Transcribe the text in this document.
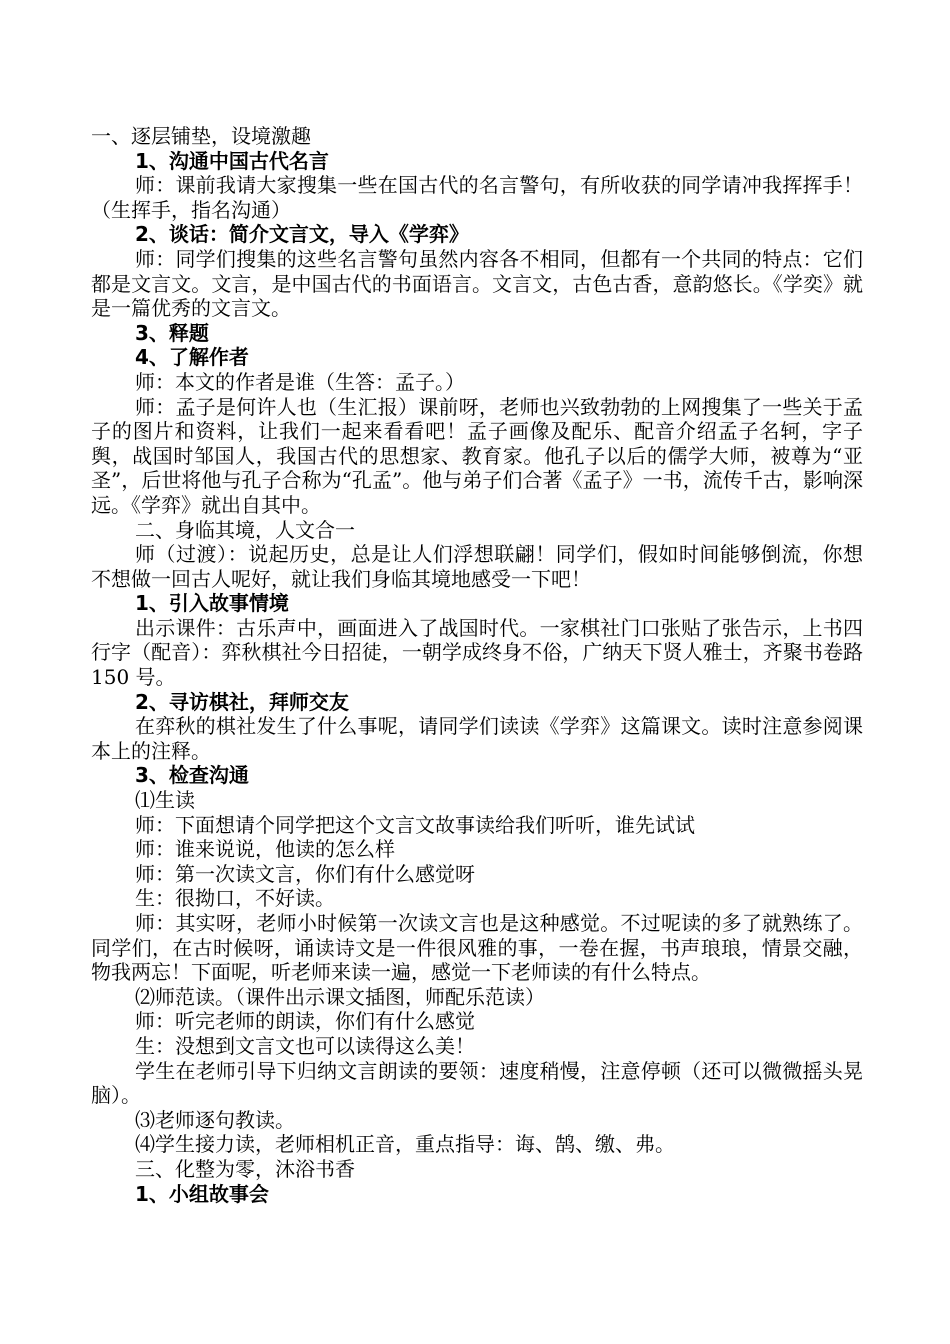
一、逐层铺垫，设境激趣

1、沟通中国古代名言

师：课前我请大家搜集一些在国古代的名言警句，有所收获的同学请冲我挥挥手！（生挥手，指名沟通）

2、谈话：简介文言文，导入《学弈》

师：同学们搜集的这些名言警句虽然内容各不相同，但都有一个共同的特点：它们都是文言文。文言，是中国古代的书面语言。文言文，古色古香，意韵悠长。《学奕》就是一篇优秀的文言文。

3、释题

4、了解作者

师：本文的作者是谁（生答：孟子。）

师：孟子是何许人也（生汇报）课前呀，老师也兴致勃勃的上网搜集了一些关于孟子的图片和资料，让我们一起来看看吧！孟子画像及配乐、配音介绍孟子名轲，字子舆，战国时邹国人，我国古代的思想家、教育家。他孔子以后的儒学大师，被尊为“亚圣”，后世将他与孔子合称为“孔孟”。他与弟子们合著《孟子》一书，流传千古，影响深远。《学弈》就出自其中。

二、身临其境，人文合一

师（过渡）：说起历史，总是让人们浮想联翩！同学们，假如时间能够倒流，你想不想做一回古人呢好，就让我们身临其境地感受一下吧！

1、引入故事情境

出示课件：古乐声中，画面进入了战国时代。一家棋社门口张贴了张告示，上书四行字（配音）：弈秋棋社今日招徒，一朝学成终身不俗，广纳天下贤人雅士，齐聚书卷路 150 号。

2、寻访棋社，拜师交友

在弈秋的棋社发生了什么事呢，请同学们读读《学弈》这篇课文。读时注意参阅课本上的注释。

3、检查沟通

⑴生读

师：下面想请个同学把这个文言文故事读给我们听听，谁先试试

师：谁来说说，他读的怎么样

师：第一次读文言，你们有什么感觉呀

生：很拗口，不好读。

师：其实呀，老师小时候第一次读文言也是这种感觉。不过呢读的多了就熟练了。同学们，在古时候呀，诵读诗文是一件很风雅的事，一卷在握，书声琅琅，情景交融，物我两忘！下面呢，听老师来读一遍，感觉一下老师读的有什么特点。

⑵师范读。（课件出示课文插图，师配乐范读）

师：听完老师的朗读，你们有什么感觉

生：没想到文言文也可以读得这么美！

学生在老师引导下归纳文言朗读的要领：速度稍慢，注意停顿（还可以微微摇头晃脑）。

⑶老师逐句教读。

⑷学生接力读，老师相机正音，重点指导：诲、鹄、缴、弗。

三、化整为零，沐浴书香

1、小组故事会
